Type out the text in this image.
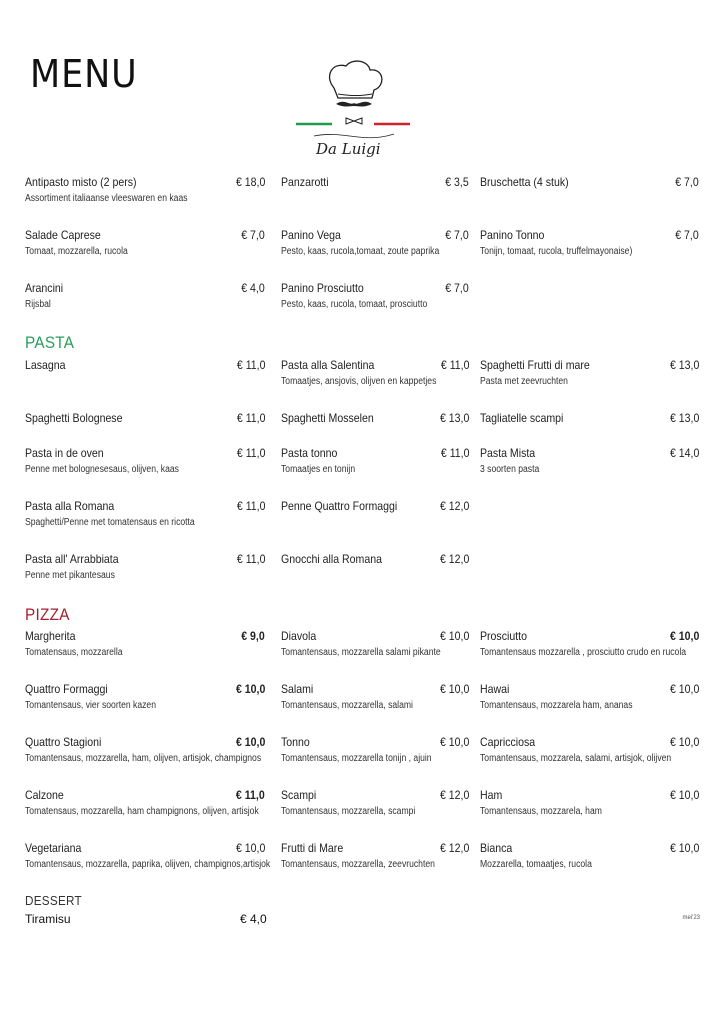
MENU
Da Luigi
PASTA
PIZZA
DESSERT
Antipasto misto (2 pers)	€ 18,0
Assortiment italiaanse vleeswaren en kaas
Panzarotti	€ 3,5 Bruschetta (4 stuk)	€ 7,0
Salade Caprese	€ 7,0
Tomaat, mozzarella, rucola
Panino Vega	€ 7,0
Pesto, kaas, rucola,tomaat, zoute paprika
Panino Tonno	€ 7,0
Tonijn, tomaat, rucola, truffelmayonaise)
Arancini	€ 4,0
Rijsbal
Panino Prosciutto	€ 7,0
Pesto, kaas, rucola, tomaat, prosciutto
Lasagna	€ 11,0 Pasta alla Salentina	€ 11,0
Tomaatjes, ansjovis, olijven en kappetjes
Spaghetti Frutti di mare	€ 13,0
Pasta met zeevruchten
Spaghetti Bolognese	€ 11,0 Spaghetti Mosselen	€ 13,0 Tagliatelle scampi	€ 13,0
Pasta in de oven	€ 11,0
Penne met bolognesesaus, olijven, kaas
Pasta tonno	€ 11,0
Tomaatjes en tonijn
Pasta Mista	€ 14,0
3 soorten pasta
Pasta alla Romana	€ 11,0
Spaghetti/Penne met tomatensaus en ricotta
Penne Quattro Formaggi	€ 12,0
Pasta all' Arrabbiata	€ 11,0
Penne met pikantesaus
Gnocchi alla Romana	€ 12,0
Margherita	€ 9,0
Tomatensaus, mozzarella
Diavola	€ 10,0
Tomantensaus, mozzarella salami pikante
Prosciutto	€ 10,0
Tomantensaus mozzarella , prosciutto crudo en rucola
Quattro Formaggi	€ 10,0
Tomantensaus, vier soorten kazen
Salami	€ 10,0
Tomantensaus, mozzarella, salami
Hawai	€ 10,0
Tomantensaus, mozzarela ham, ananas
Quattro Stagioni	€ 10,0
Tomantensaus, mozzarella, ham, olijven, artisjok, champignos
Tonno	€ 10,0
Tomantensaus, mozzarella tonijn , ajuin
Capricciosa	€ 10,0
Tomantensaus, mozzarela, salami, artisjok, olijven
Calzone	€ 11,0
Tomatensaus, mozzarella, ham champignons, olijven, artisjok
Scampi	€ 12,0
Tomantensaus, mozzarella, scampi
Ham	€ 10,0
Tomantensaus, mozzarela, ham
Vegetariana	€ 10,0
Tomantensaus, mozzarella, paprika, olijven, champignos,artisjok
Frutti di Mare	€ 12,0
Tomantensaus, mozzarella, zeevruchten
Bianca	€ 10,0
Mozzarella, tomaatjes, rucola
Tiramisu	€ 4,0	mei'23
